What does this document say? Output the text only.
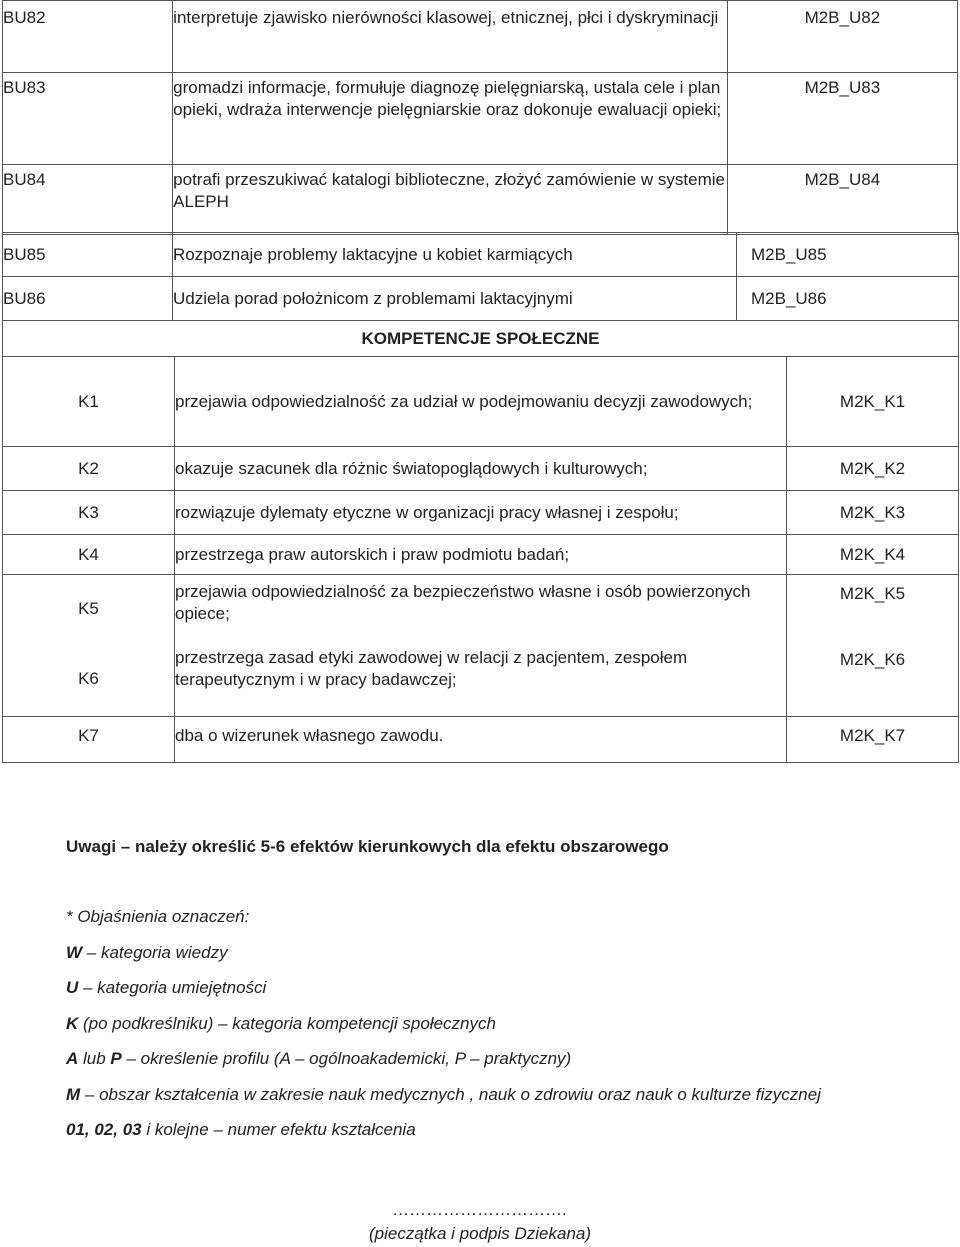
BU82	interpretuje zjawisko nierówności klasowej, etnicznej, płci i dyskryminacji	M2B_U82
BU83	gromadzi informacje, formułuje diagnozę pielęgniarską, ustala cele i plan opieki, wdraża interwencje pielęgniarskie oraz dokonuje ewaluacji opieki;	M2B_U83
BU84	potrafi przeszukiwać katalogi biblioteczne, złożyć zamówienie w systemie ALEPH	M2B_U84
BU85	Rozpoznaje problemy laktacyjne u kobiet karmiących	M2B_U85
BU86	Udziela porad położnicom z problemami laktacyjnymi	M2B_U86
KOMPETENCJE SPOŁECZNE		
K1	przejawia odpowiedzialność za udział w podejmowaniu decyzji zawodowych;	M2K_K1
K2	okazuje szacunek dla różnic światopoglądowych i kulturowych;	M2K_K2
K3	rozwiązuje dylematy etyczne w organizacji pracy własnej i zespołu;	M2K_K3
K4	przestrzega praw autorskich i praw podmiotu badań;	M2K_K4
K5	przejawia odpowiedzialność za bezpieczeństwo własne i osób powierzonych opiece;	M2K_K5
K6	przestrzega zasad etyki zawodowej w relacji z pacjentem, zespołem terapeutycznym i w pracy badawczej;	M2K_K6
K7	dba o wizerunek własnego zawodu.	M2K_K7

Uwagi – należy określić 5-6 efektów kierunkowych dla efektu obszarowego

* Objaśnienia oznaczeń:

W – kategoria wiedzy

U – kategoria umiejętności

K (po podkreślniku) – kategoria kompetencji społecznych

A lub P – określenie profilu (A – ogólnoakademicki, P – praktyczny)

M – obszar kształcenia w zakresie nauk medycznych , nauk o zdrowiu oraz nauk o kulturze fizycznej

01, 02, 03 i kolejne – numer efektu kształcenia

………………………….
(pieczątka i podpis Dziekana)
